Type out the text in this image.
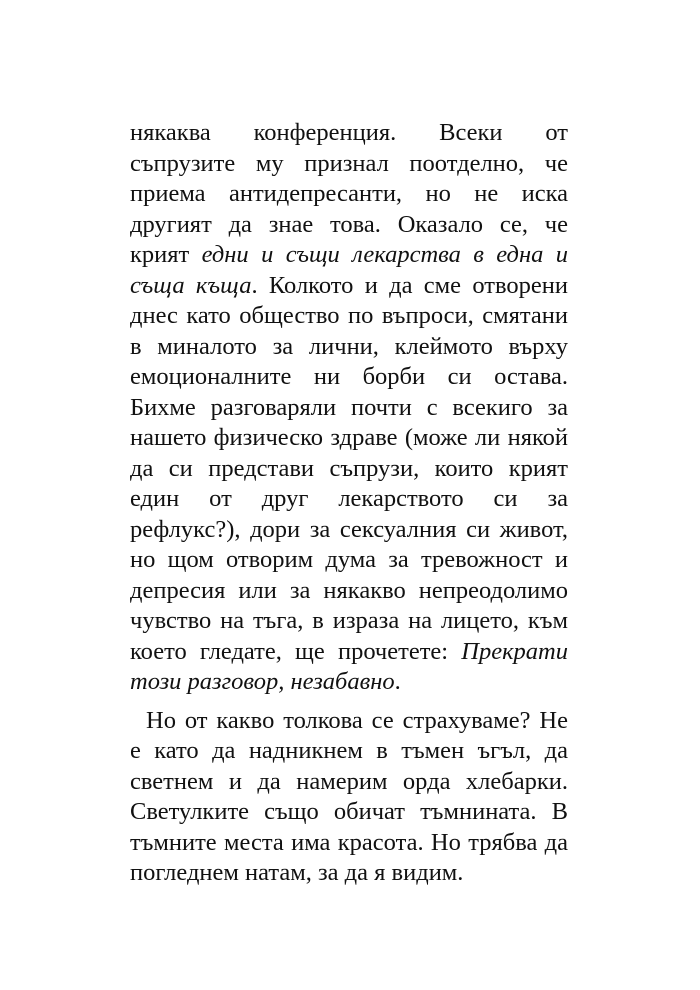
някаква конференция. Всеки от
съпрузите му признал поотделно, че
приема антидепресанти, но не иска
другият да знае това. Оказало се, че
крият едни и същи лекарства в една и
съща къща. Колкото и да сме отворени
днес като общество по въпроси, смятани
в миналото за лични, клеймото върху
емоционалните ни борби си остава.
Бихме разговаряли почти с всекиго за
нашето физическо здраве (може ли някой
да си представи съпрузи, които крият
един от друг лекарството си за
рефлукс?), дори за сексуалния си живот,
но щом отворим дума за тревожност и
депресия или за някакво непреодолимо
чувство на тъга, в израза на лицето, към
което гледате, ще прочетете: Прекрати
този разговор, незабавно.
Но от какво толкова се страхуваме? Не
е като да надникнем в тъмен ъгъл, да
светнем и да намерим орда хлебарки.
Светулките също обичат тъмнината. В
тъмните места има красота. Но трябва да
погледнем натам, за да я видим.
